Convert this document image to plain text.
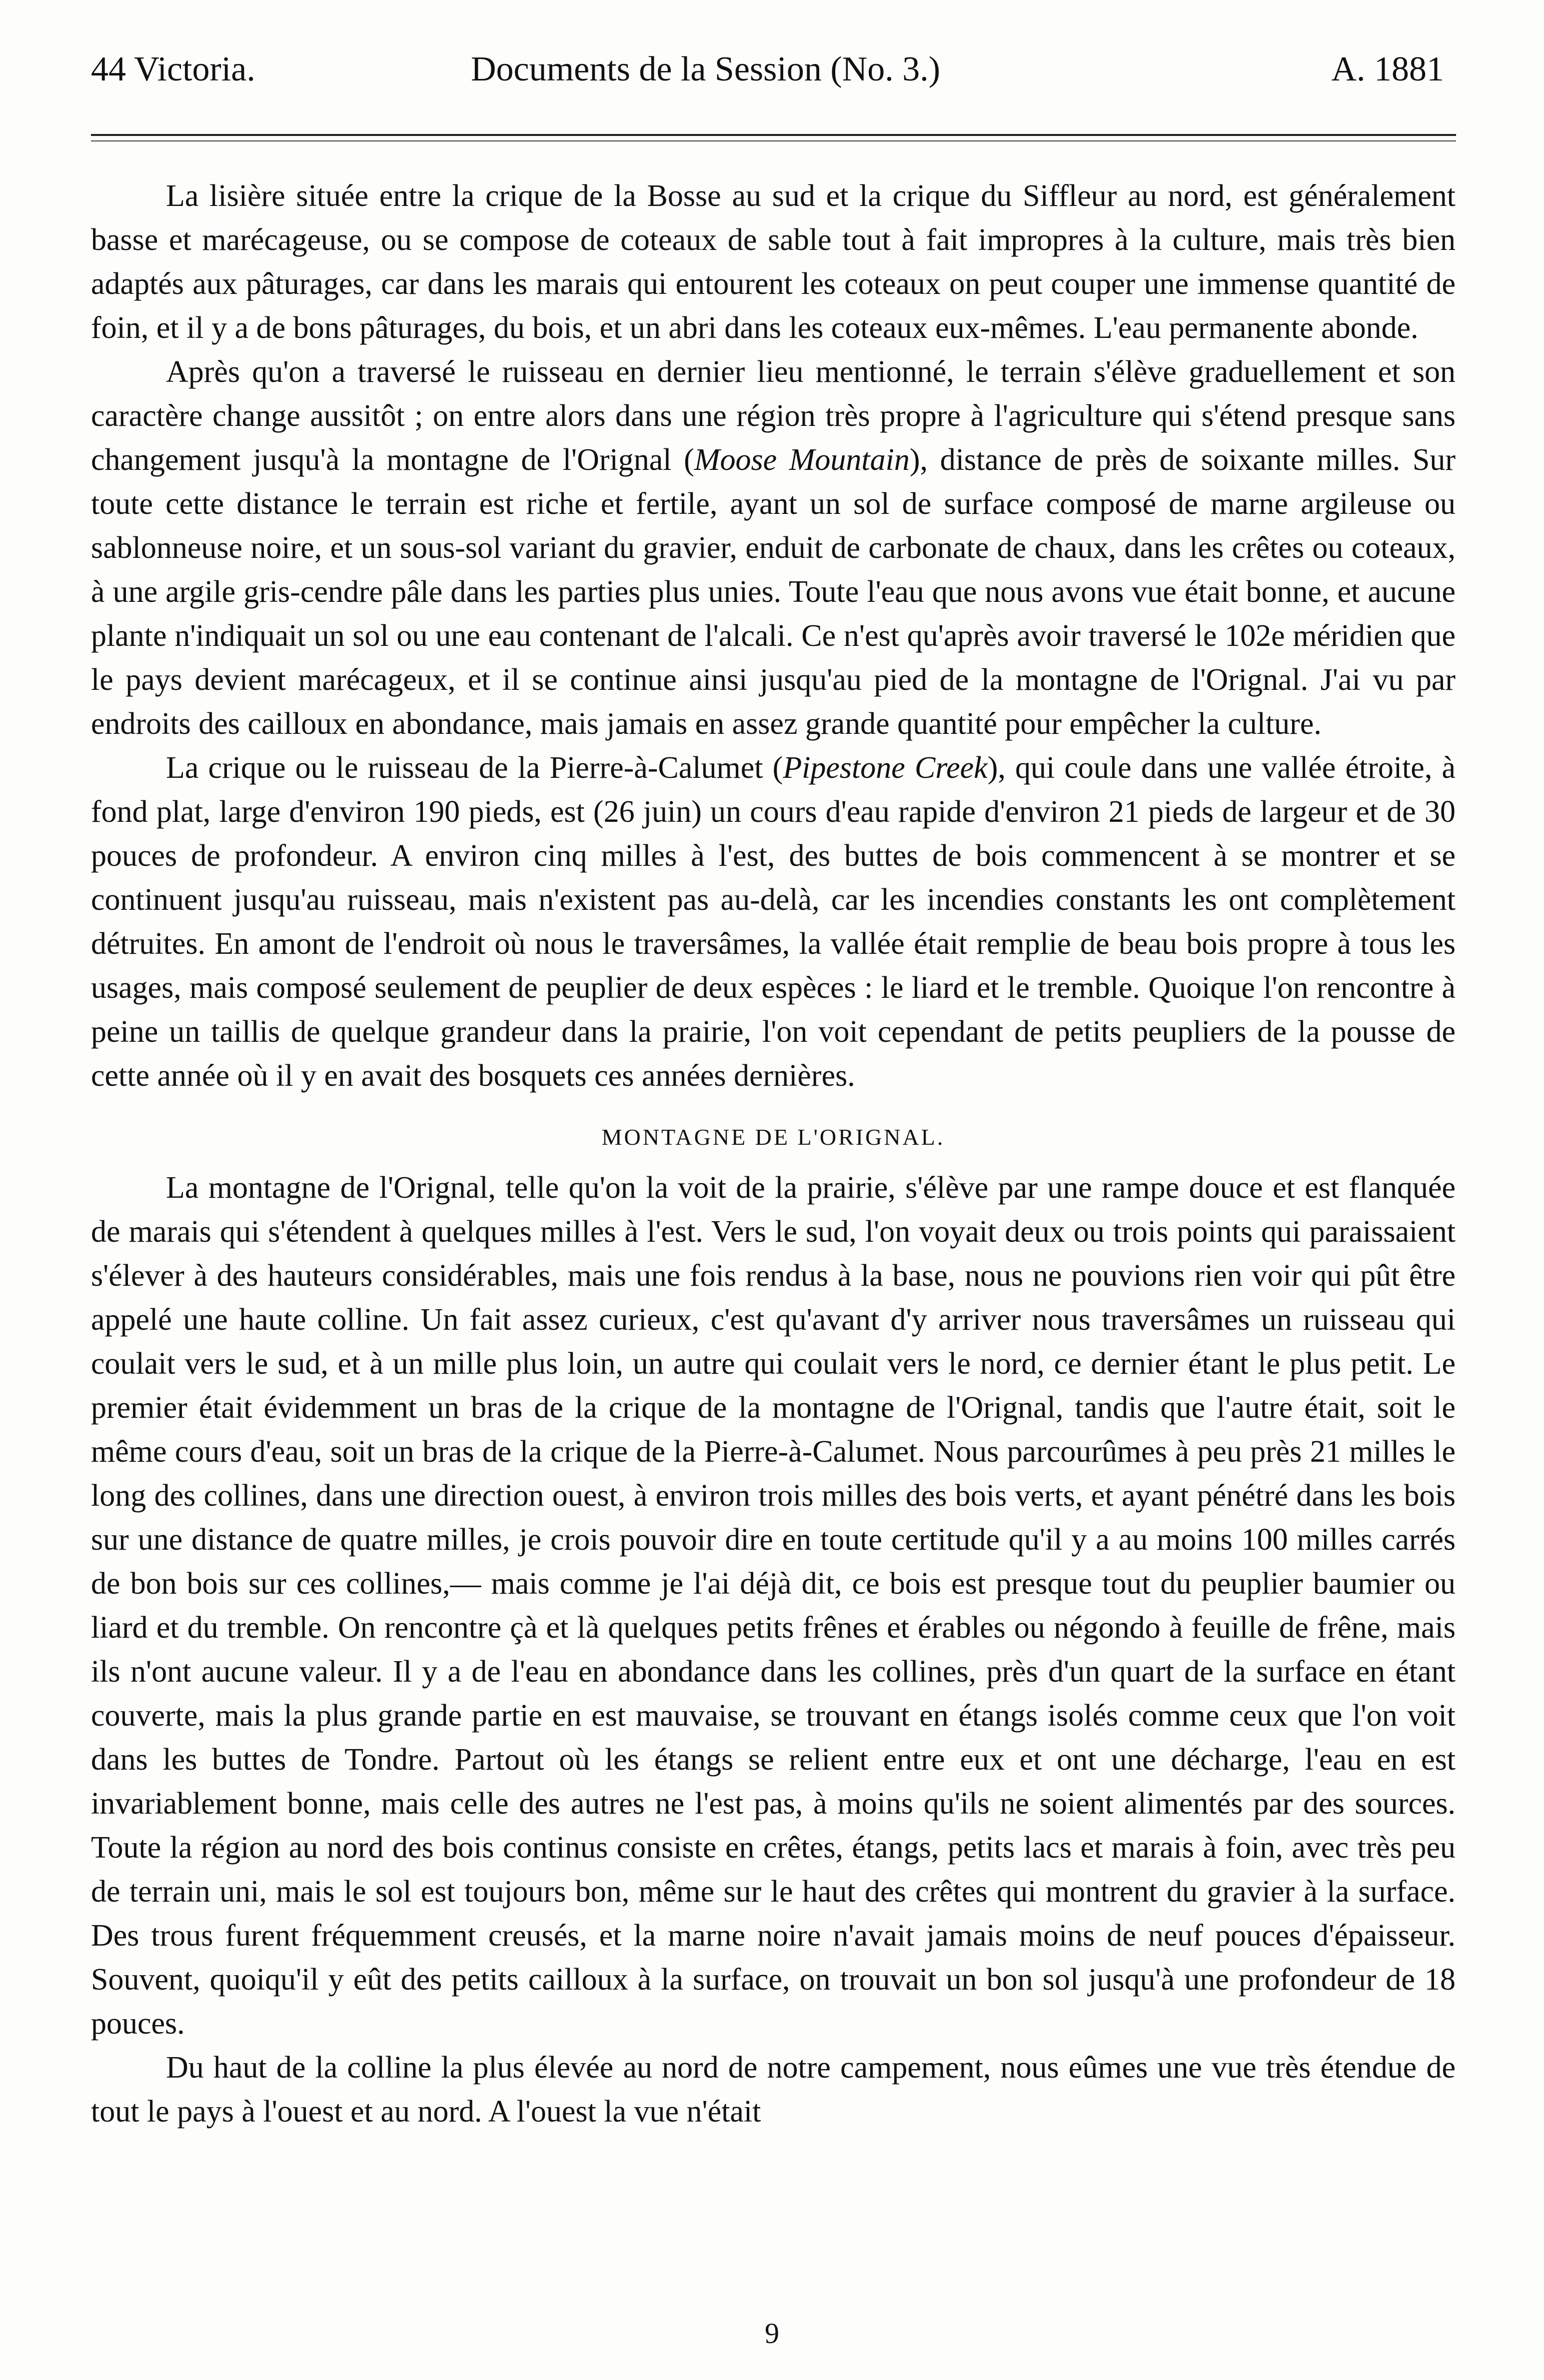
44 Victoria.	Documents de la Session (No. 3.)	A. 1881

La lisière située entre la crique de la Bosse au sud et la crique du Siffleur au nord, est généralement basse et marécageuse, ou se compose de coteaux de sable tout à fait impropres à la culture, mais très bien adaptés aux pâturages, car dans les marais qui entourent les coteaux on peut couper une immense quantité de foin, et il y a de bons pâturages, du bois, et un abri dans les coteaux eux-mêmes. L'eau permanente abonde.

Après qu'on a traversé le ruisseau en dernier lieu mentionné, le terrain s'élève graduellement et son caractère change aussitôt ; on entre alors dans une région très propre à l'agriculture qui s'étend presque sans changement jusqu'à la montagne de l'Orignal (Moose Mountain), distance de près de soixante milles. Sur toute cette distance le terrain est riche et fertile, ayant un sol de surface composé de marne argileuse ou sablonneuse noire, et un sous-sol variant du gravier, enduit de carbonate de chaux, dans les crêtes ou coteaux, à une argile gris-cendre pâle dans les parties plus unies. Toute l'eau que nous avons vue était bonne, et aucune plante n'indiquait un sol ou une eau contenant de l'alcali. Ce n'est qu'après avoir traversé le 102e méridien que le pays devient marécageux, et il se continue ainsi jusqu'au pied de la montagne de l'Orignal. J'ai vu par endroits des cailloux en abondance, mais jamais en assez grande quantité pour empêcher la culture.

La crique ou le ruisseau de la Pierre-à-Calumet (Pipestone Creek), qui coule dans une vallée étroite, à fond plat, large d'environ 190 pieds, est (26 juin) un cours d'eau rapide d'environ 21 pieds de largeur et de 30 pouces de profondeur. A environ cinq milles à l'est, des buttes de bois commencent à se montrer et se continuent jusqu'au ruisseau, mais n'existent pas au-delà, car les incendies constants les ont complètement détruites. En amont de l'endroit où nous le traversâmes, la vallée était remplie de beau bois propre à tous les usages, mais composé seulement de peuplier de deux espèces : le liard et le tremble. Quoique l'on rencontre à peine un taillis de quelque grandeur dans la prairie, l'on voit cependant de petits peupliers de la pousse de cette année où il y en avait des bosquets ces années dernières.

MONTAGNE DE L'ORIGNAL.

La montagne de l'Orignal, telle qu'on la voit de la prairie, s'élève par une rampe douce et est flanquée de marais qui s'étendent à quelques milles à l'est. Vers le sud, l'on voyait deux ou trois points qui paraissaient s'élever à des hauteurs considérables, mais une fois rendus à la base, nous ne pouvions rien voir qui pût être appelé une haute colline. Un fait assez curieux, c'est qu'avant d'y arriver nous traversâmes un ruisseau qui coulait vers le sud, et à un mille plus loin, un autre qui coulait vers le nord, ce dernier étant le plus petit. Le premier était évidemment un bras de la crique de la montagne de l'Orignal, tandis que l'autre était, soit le même cours d'eau, soit un bras de la crique de la Pierre-à-Calumet. Nous parcourûmes à peu près 21 milles le long des collines, dans une direction ouest, à environ trois milles des bois verts, et ayant pénétré dans les bois sur une distance de quatre milles, je crois pouvoir dire en toute certitude qu'il y a au moins 100 milles carrés de bon bois sur ces collines,— mais comme je l'ai déjà dit, ce bois est presque tout du peuplier baumier ou liard et du tremble. On rencontre çà et là quelques petits frênes et érables ou négondo à feuille de frêne, mais ils n'ont aucune valeur. Il y a de l'eau en abondance dans les collines, près d'un quart de la surface en étant couverte, mais la plus grande partie en est mauvaise, se trouvant en étangs isolés comme ceux que l'on voit dans les buttes de Tondre. Partout où les étangs se relient entre eux et ont une décharge, l'eau en est invariablement bonne, mais celle des autres ne l'est pas, à moins qu'ils ne soient alimentés par des sources. Toute la région au nord des bois continus consiste en crêtes, étangs, petits lacs et marais à foin, avec très peu de terrain uni, mais le sol est toujours bon, même sur le haut des crêtes qui montrent du gravier à la surface. Des trous furent fréquemment creusés, et la marne noire n'avait jamais moins de neuf pouces d'épaisseur. Souvent, quoiqu'il y eût des petits cailloux à la surface, on trouvait un bon sol jusqu'à une profondeur de 18 pouces.

Du haut de la colline la plus élevée au nord de notre campement, nous eûmes une vue très étendue de tout le pays à l'ouest et au nord. A l'ouest la vue n'était

9
